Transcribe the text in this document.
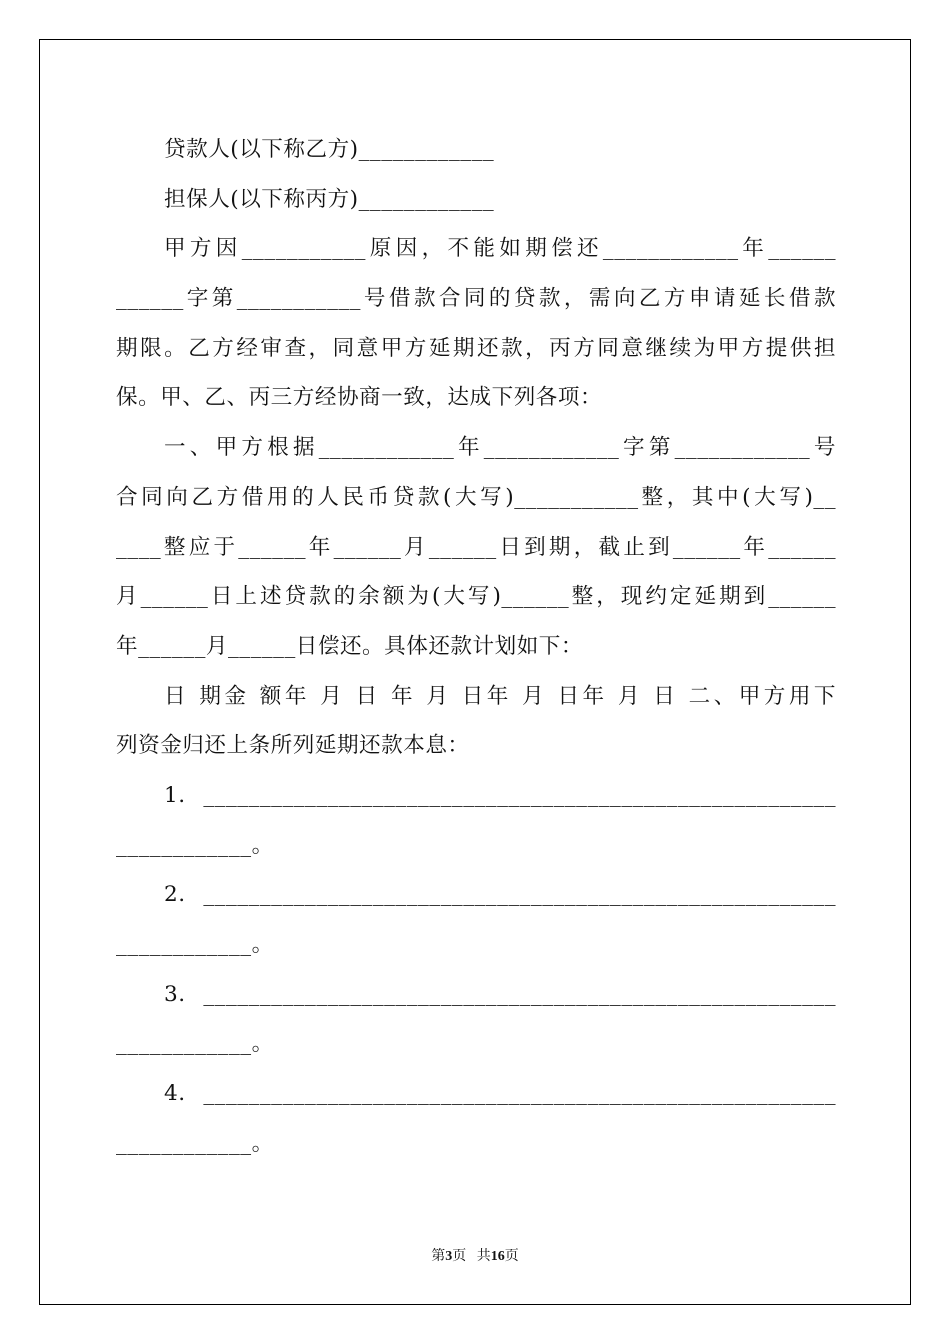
贷款人(以下称乙方)____________
担保人(以下称丙方)____________
甲方因___________原因，不能如期偿还____________年______
______字第___________号借款合同的贷款，需向乙方申请延长借款
期限。乙方经审查，同意甲方延期还款，丙方同意继续为甲方提供担
保。甲、乙、丙三方经协商一致，达成下列各项：
一、甲方根据____________年____________字第____________号
合同向乙方借用的人民币贷款(大写)___________整，其中(大写)__
____整应于______年______月______日到期，截止到______年______
月______日上述贷款的余额为(大写)______整，现约定延期到______
年______月______日偿还。具体还款计划如下：
日 期金 额年 月 日 年 月 日年 月 日年 月 日 二、甲方用下
列资金归还上条所列延期还款本息：
1. ________________________________________________________
____________。
2. ________________________________________________________
____________。
3. ________________________________________________________
____________。
4. ________________________________________________________
____________。
第3页 共16页
